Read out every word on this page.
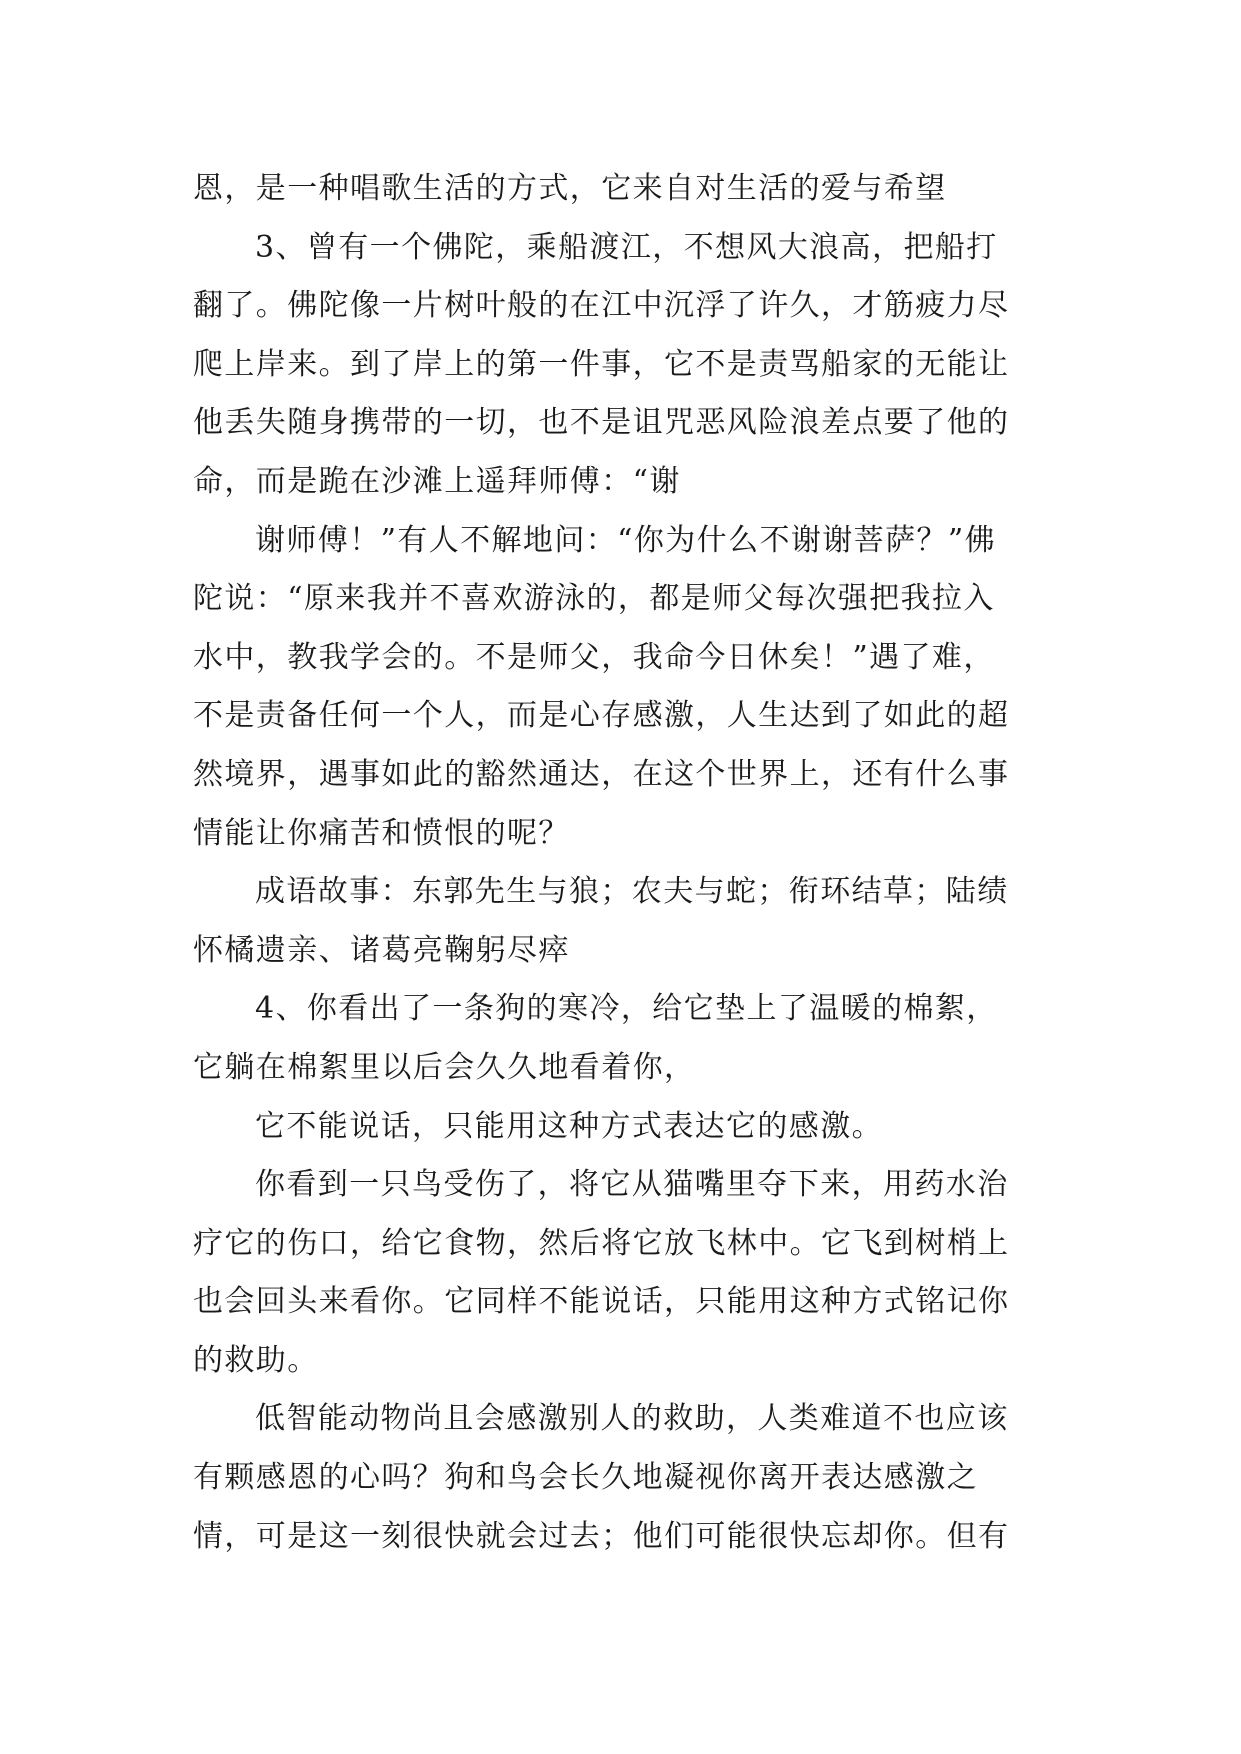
恩，是一种唱歌生活的方式，它来自对生活的爱与希望
3、曾有一个佛陀，乘船渡江，不想风大浪高，把船打
翻了。佛陀像一片树叶般的在江中沉浮了许久，才筋疲力尽
爬上岸来。到了岸上的第一件事，它不是责骂船家的无能让
他丢失随身携带的一切，也不是诅咒恶风险浪差点要了他的
命，而是跪在沙滩上遥拜师傅：“谢
谢师傅！”有人不解地问：“你为什么不谢谢菩萨？”佛
陀说：“原来我并不喜欢游泳的，都是师父每次强把我拉入
水中，教我学会的。不是师父，我命今日休矣！”遇了难，
不是责备任何一个人，而是心存感激，人生达到了如此的超
然境界，遇事如此的豁然通达，在这个世界上，还有什么事
情能让你痛苦和愤恨的呢？
成语故事：东郭先生与狼；农夫与蛇；衔环结草；陆绩
怀橘遗亲、诸葛亮鞠躬尽瘁
4、你看出了一条狗的寒冷，给它垫上了温暖的棉絮，
它躺在棉絮里以后会久久地看着你，
它不能说话，只能用这种方式表达它的感激。
你看到一只鸟受伤了，将它从猫嘴里夺下来，用药水治
疗它的伤口，给它食物，然后将它放飞林中。它飞到树梢上
也会回头来看你。它同样不能说话，只能用这种方式铭记你
的救助。
低智能动物尚且会感激别人的救助，人类难道不也应该
有颗感恩的心吗？狗和鸟会长久地凝视你离开表达感激之
情，可是这一刻很快就会过去；他们可能很快忘却你。但有
